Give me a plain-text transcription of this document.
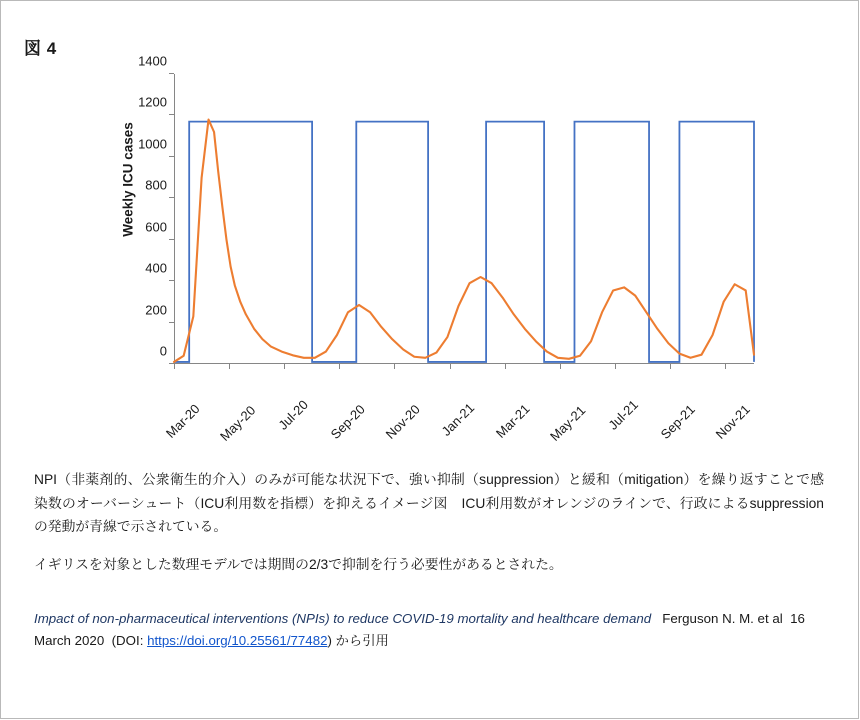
図 4
Weekly ICU cases
0
200
400
600
800
1000
1200
1400
Mar-20 May-20 Jul-20 Sep-20 Nov-20 Jan-21 Mar-21 May-21 Jul-21 Sep-21 Nov-21

NPI（非薬剤的、公衆衛生的介入）のみが可能な状況下で、強い抑制（suppression）と緩和（mitigation）を繰り返すことで感染数のオーバーシュート（ICU利用数を指標）を抑えるイメージ図　ICU利用数がオレンジのラインで、行政によるsuppressionの発動が青線で示されている。

イギリスを対象とした数理モデルでは期間の2/3で抑制を行う必要性があるとされた。

Impact of non-pharmaceutical interventions (NPIs) to reduce COVID-19 mortality and healthcare demand Ferguson N. M. et al 16 March 2020 (DOI: https://doi.org/10.25561/77482) から引用
